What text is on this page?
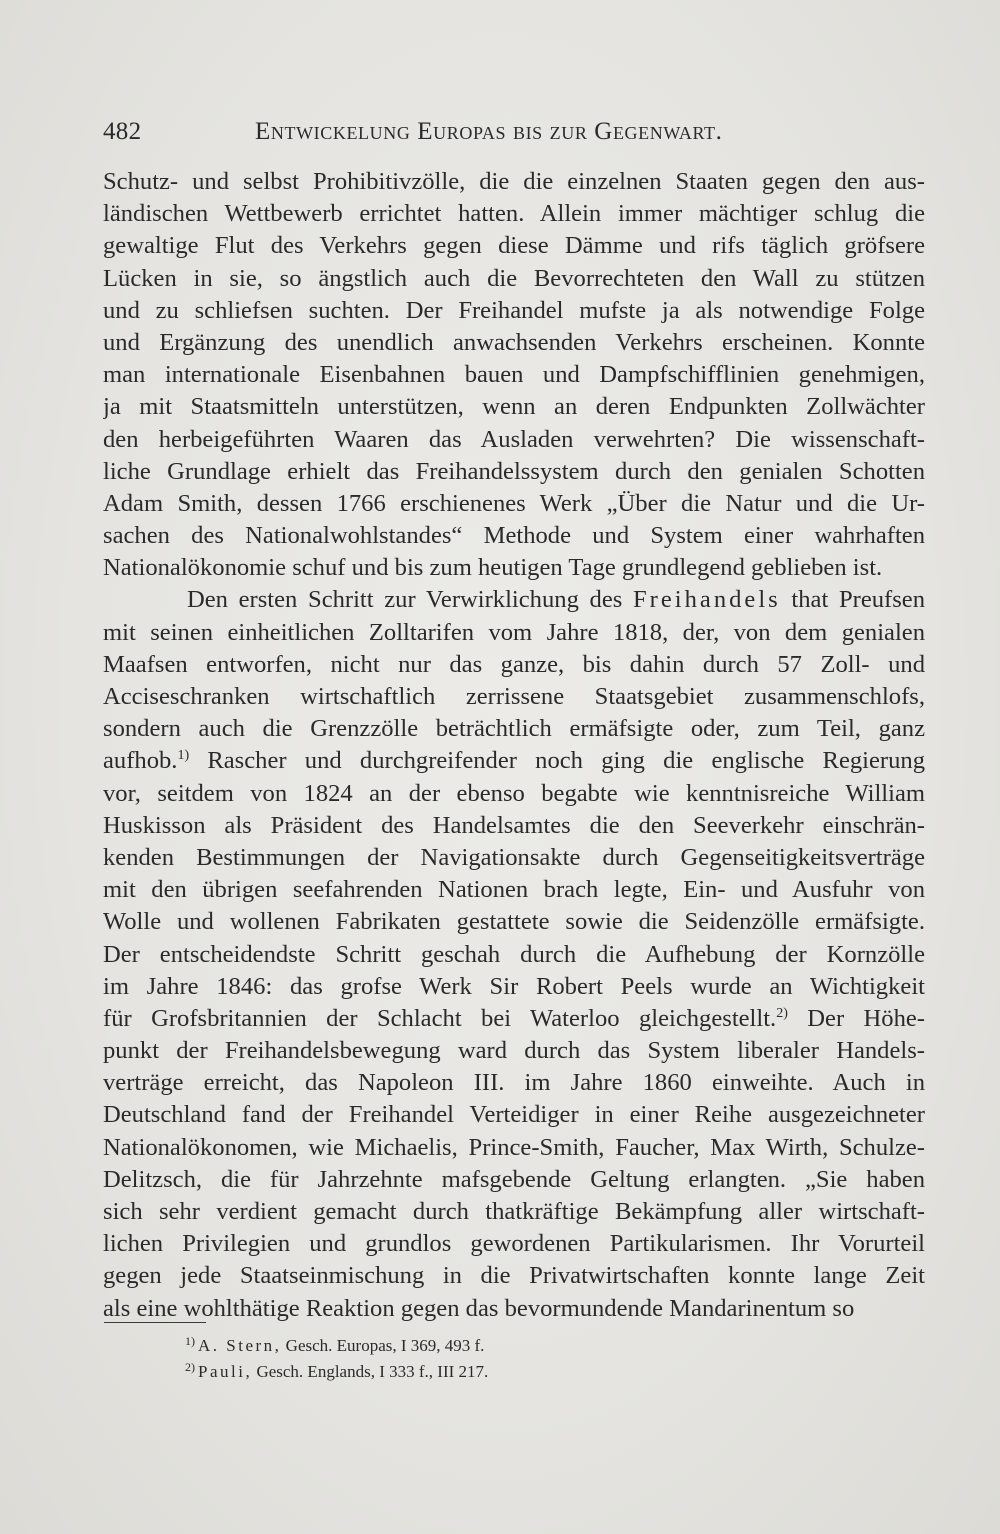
482	Entwickelung Europas bis zur Gegenwart.
Schutz- und selbst Prohibitivzölle, die die einzelnen Staaten gegen den aus-
ländischen Wettbewerb errichtet hatten. Allein immer mächtiger schlug die
gewaltige Flut des Verkehrs gegen diese Dämme und rifs täglich gröfsere
Lücken in sie, so ängstlich auch die Bevorrechteten den Wall zu stützen
und zu schliefsen suchten. Der Freihandel mufste ja als notwendige Folge
und Ergänzung des unendlich anwachsenden Verkehrs erscheinen. Konnte
man internationale Eisenbahnen bauen und Dampfschifflinien genehmigen,
ja mit Staatsmitteln unterstützen, wenn an deren Endpunkten Zollwächter
den herbeigeführten Waaren das Ausladen verwehrten? Die wissenschaft-
liche Grundlage erhielt das Freihandelssystem durch den genialen Schotten
Adam Smith, dessen 1766 erschienenes Werk „Über die Natur und die Ur-
sachen des Nationalwohlstandes“ Methode und System einer wahrhaften
Nationalökonomie schuf und bis zum heutigen Tage grundlegend geblieben ist.
Den ersten Schritt zur Verwirklichung des Freihandels that Preufsen
mit seinen einheitlichen Zolltarifen vom Jahre 1818, der, von dem genialen
Maafsen entworfen, nicht nur das ganze, bis dahin durch 57 Zoll- und
Acciseschranken wirtschaftlich zerrissene Staatsgebiet zusammenschlofs,
sondern auch die Grenzzölle beträchtlich ermäfsigte oder, zum Teil, ganz
aufhob.$^{1)}$ Rascher und durchgreifender noch ging die englische Regierung
vor, seitdem von 1824 an der ebenso begabte wie kenntnisreiche William
Huskisson als Präsident des Handelsamtes die den Seeverkehr einschrän-
kenden Bestimmungen der Navigationsakte durch Gegenseitigkeitsverträge
mit den übrigen seefahrenden Nationen brach legte, Ein- und Ausfuhr von
Wolle und wollenen Fabrikaten gestattete sowie die Seidenzölle ermäfsigte.
Der entscheidendste Schritt geschah durch die Aufhebung der Kornzölle
im Jahre 1846: das grofse Werk Sir Robert Peels wurde an Wichtigkeit
für Grofsbritannien der Schlacht bei Waterloo gleichgestellt.$^{2)}$ Der Höhe-
punkt der Freihandelsbewegung ward durch das System liberaler Handels-
verträge erreicht, das Napoleon III. im Jahre 1860 einweihte. Auch in
Deutschland fand der Freihandel Verteidiger in einer Reihe ausgezeichneter
Nationalökonomen, wie Michaelis, Prince-Smith, Faucher, Max Wirth, Schulze-
Delitzsch, die für Jahrzehnte mafsgebende Geltung erlangten. „Sie haben
sich sehr verdient gemacht durch thatkräftige Bekämpfung aller wirtschaft-
lichen Privilegien und grundlos gewordenen Partikularismen. Ihr Vorurteil
gegen jede Staatseinmischung in die Privatwirtschaften konnte lange Zeit
als eine wohlthätige Reaktion gegen das bevormundende Mandarinentum so
$^{1)}$ A. Stern, Gesch. Europas, I 369, 493 f.
$^{2)}$ Pauli, Gesch. Englands, I 333 f., III 217.
